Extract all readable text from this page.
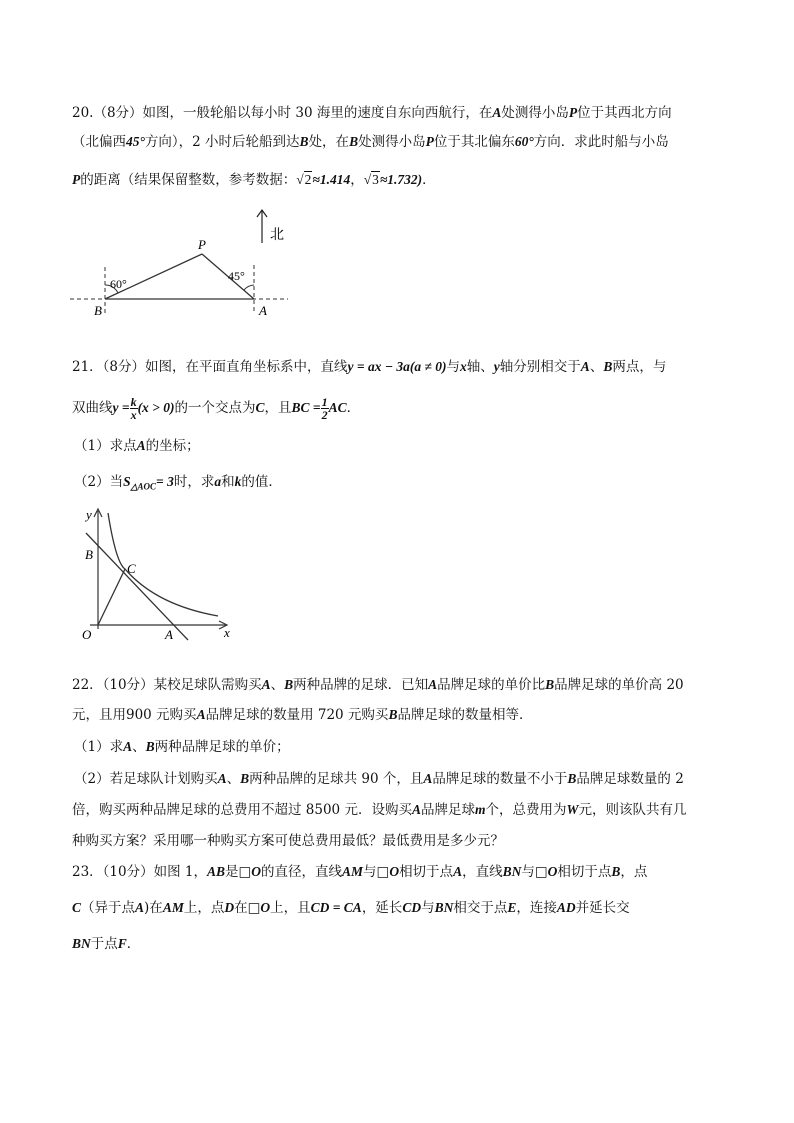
20.（8分）如图，一般轮船以每小时 30 海里的速度自东向西航行，在A处测得小岛P位于其西北方向
（北偏西45°方向），2 小时后轮船到达B处，在B处测得小岛P位于其北偏东60°方向．求此时船与小岛
P的距离（结果保留整数，参考数据：√2≈1.414，√3≈1.732)．
北
60°
45°
P
B	A
21．（8分）如图，在平面直角坐标系中，直线y = ax − 3a(a ≠ 0)与x轴、y轴分别相交于A、B两点，与
双曲线$y = \frac{k}{x} (x > 0)$的一个交点为C，且BC = $\frac{1}{2}$ AC．
（1）求点A的坐标；
（2）当$S_{\triangle AOC}= 3$时，求a和k的值．
y
x
O	A
B
C
22．（10分）某校足球队需购买A、B两种品牌的足球．已知A品牌足球的单价比B品牌足球的单价高 20
元，且用900 元购买A品牌足球的数量用 720 元购买B品牌足球的数量相等．
（1）求A、B两种品牌足球的单价；
（2）若足球队计划购买A、B两种品牌的足球共 90 个，且A品牌足球的数量不小于B品牌足球数量的 2
倍，购买两种品牌足球的总费用不超过 8500 元．设购买A品牌足球m个，总费用为W元，则该队共有几
种购买方案？采用哪一种购买方案可使总费用最低？最低费用是多少元？
23．（10分）如图 1，AB是□O的直径，直线AM与□O相切于点A，直线BN与□O相切于点B，点
C（异于点A)在AM上，点D在□O上，且CD = CA，延长CD与BN相交于点E，连接AD并延长交
BN于点F．
